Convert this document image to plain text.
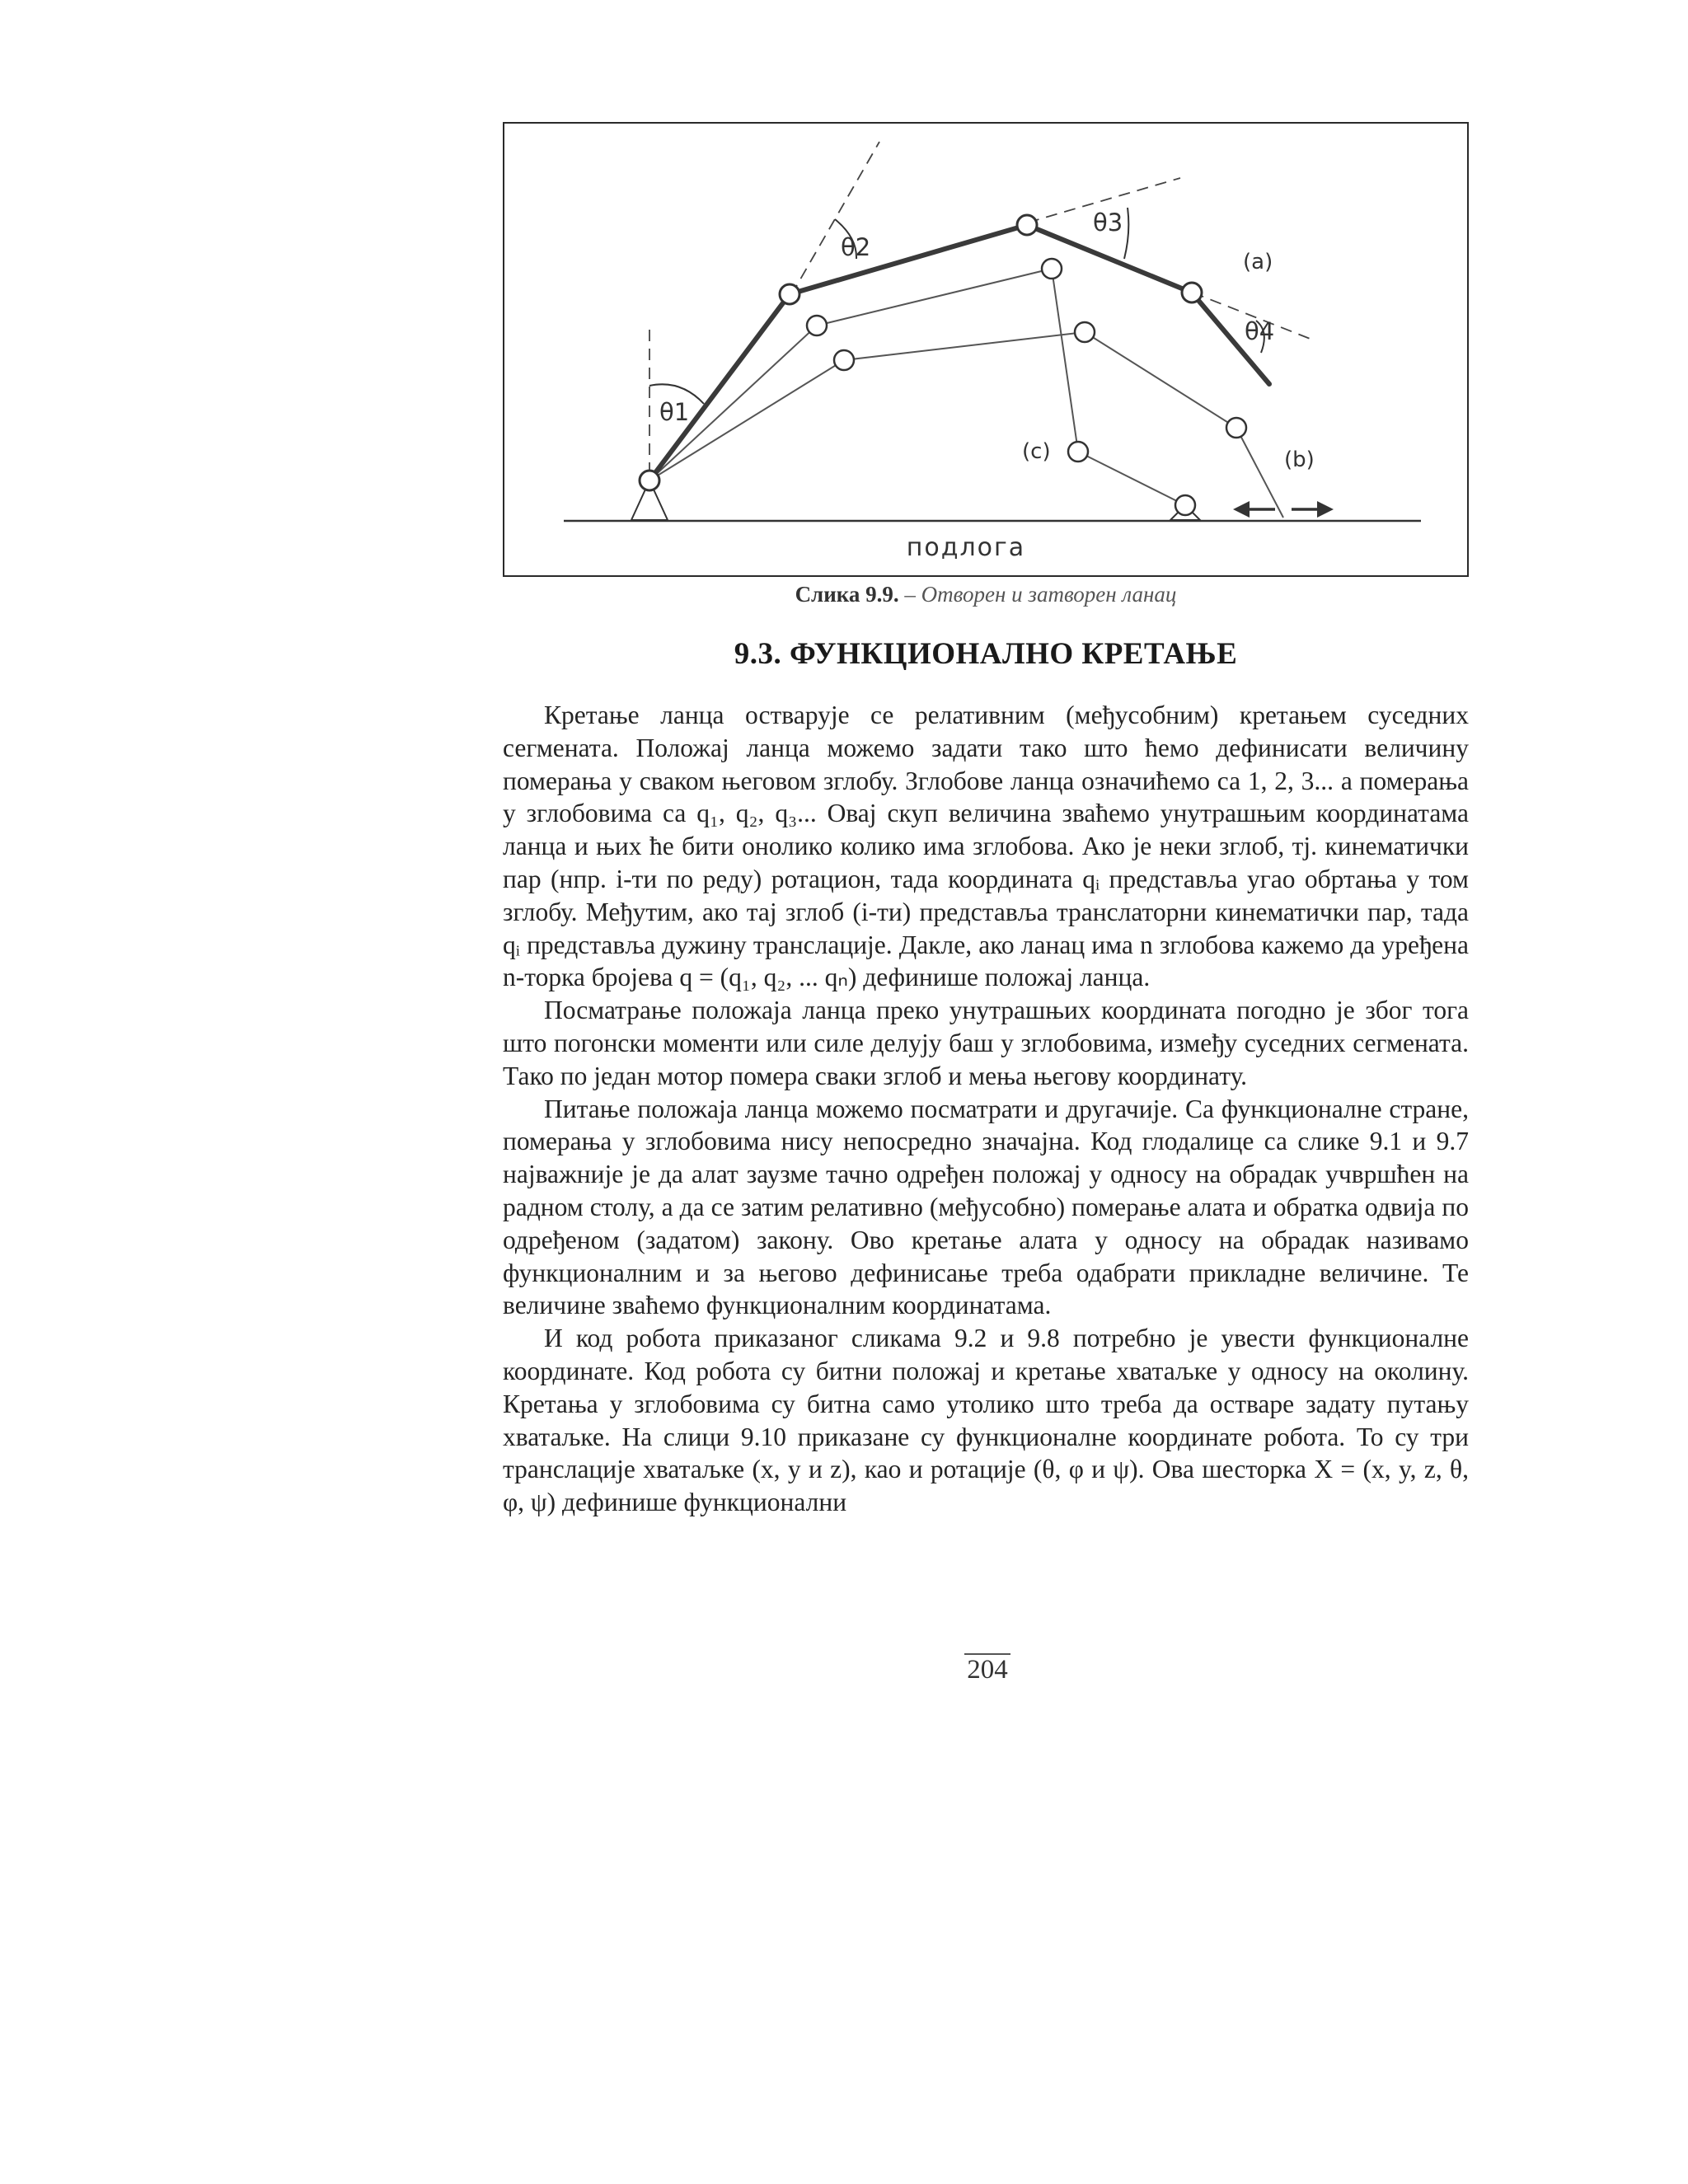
θ1
θ2
θ3
θ4
(a)
(b)
(c)
подлога
Слика 9.9. – Отворен и затворен ланац
9.3. ФУНКЦИОНАЛНО КРЕТАЊЕ

Кретање ланца остварује се релативним (међусобним) кретањем суседних сегмената. Положај ланца можемо задати тако што ћемо дефинисати величину померања у сваком његовом зглобу. Зглобове ланца означићемо са 1, 2, 3... а померања у зглобовима са q₁, q₂, q₃... Овај скуп величина зваћемо унутрашњим координатама ланца и њих ће бити онолико колико има зглобова. Ако је неки зглоб, тј. кинематички пар (нпр. i-ти по реду) ротацион, тада координата qᵢ представља угао обртања у том зглобу. Међутим, ако тај зглоб (i-ти) представља транслаторни кинематички пар, тада qᵢ представља дужину транслације. Дакле, ако ланац има n зглобова кажемо да уређена n-торка бројева q = (q₁, q₂, ... qₙ) дефинише положај ланца.

Посматрање положаја ланца преко унутрашњих координата погодно је због тога што погонски моменти или силе делују баш у зглобовима, између суседних сегмената. Тако по један мотор помера сваки зглоб и мења његову координату.

Питање положаја ланца можемо посматрати и другачије. Са функционалне стране, померања у зглобовима нису непосредно значајна. Код глодалице са слике 9.1 и 9.7 најважније је да алат заузме тачно одређен положај у односу на обрадак учвршћен на радном столу, а да се затим релативно (међусобно) померање алата и обратка одвија по одређеном (задатом) закону. Ово кретање алата у односу на обрадак називамо функционалним и за његово дефинисање треба одабрати прикладне величине. Те величине зваћемо функционалним координатама.

И код робота приказаног сликама 9.2 и 9.8 потребно је увести функционалне координате. Код робота су битни положај и кретање хватаљке у односу на околину. Кретања у зглобовима су битна само утолико што треба да остваре задату путању хватаљке. На слици 9.10 приказане су функционалне координате робота. То су три транслације хватаљке (x, y и z), као и ротације (θ, φ и ψ). Ова шесторка X = (x, y, z, θ, φ, ψ) дефинише функционални

204
